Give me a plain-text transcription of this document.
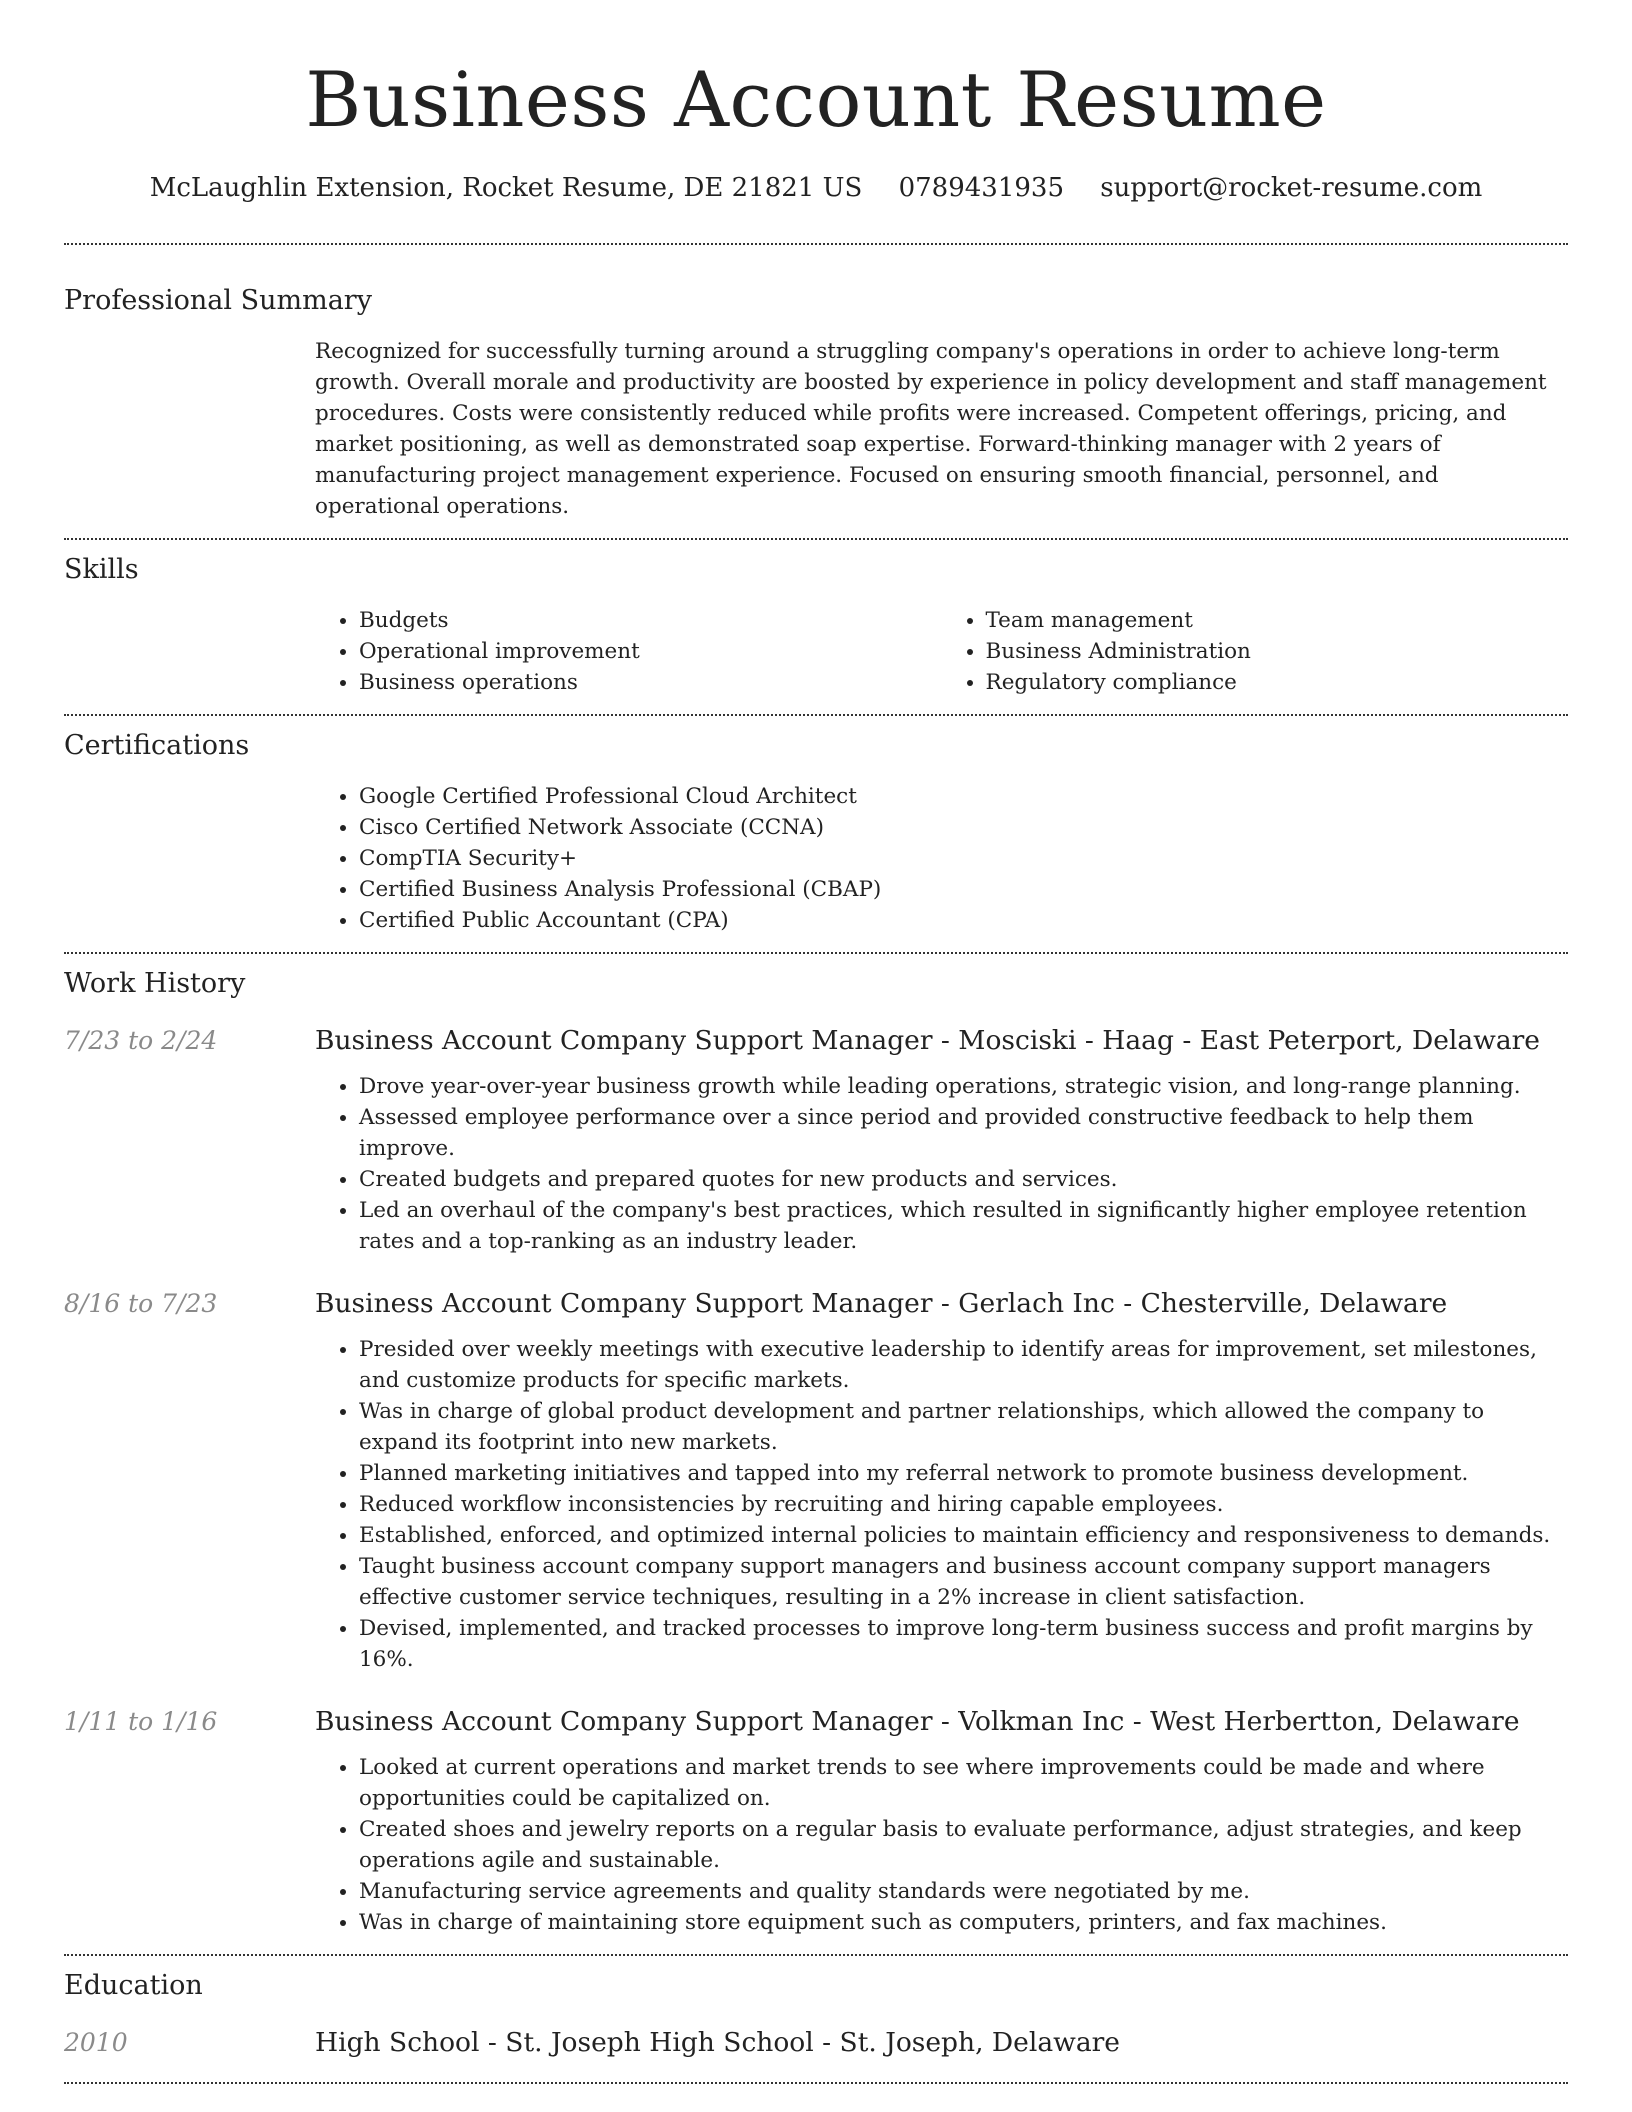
Business Account Resume
McLaughlin Extension, Rocket Resume, DE 21821 US 0789431935 support@rocket-resume.com
Professional Summary

Recognized for successfully turning around a struggling company's operations in order to achieve long-term growth. Overall morale and productivity are boosted by experience in policy development and staff management procedures. Costs were consistently reduced while profits were increased. Competent offerings, pricing, and market positioning, as well as demonstrated soap expertise. Forward-thinking manager with 2 years of manufacturing project management experience. Focused on ensuring smooth financial, personnel, and operational operations.

Skills
• Budgets
• Operational improvement
• Business operations
• Team management
• Business Administration
• Regulatory compliance
Certifications
• Google Certified Professional Cloud Architect
• Cisco Certified Network Associate (CCNA)
• CompTIA Security+
• Certified Business Analysis Professional (CBAP)
• Certified Public Accountant (CPA)
Work History
7/23 to 2/24	Business Account Company Support Manager - Mosciski - Haag - East Peterport, Delaware
• Drove year-over-year business growth while leading operations, strategic vision, and long-range planning.
• Assessed employee performance over a since period and provided constructive feedback to help them improve.
• Created budgets and prepared quotes for new products and services.
• Led an overhaul of the company's best practices, which resulted in significantly higher employee retention rates and a top-ranking as an industry leader.
8/16 to 7/23	Business Account Company Support Manager - Gerlach Inc - Chesterville, Delaware
• Presided over weekly meetings with executive leadership to identify areas for improvement, set milestones, and customize products for specific markets.
• Was in charge of global product development and partner relationships, which allowed the company to expand its footprint into new markets.
• Planned marketing initiatives and tapped into my referral network to promote business development.
• Reduced workflow inconsistencies by recruiting and hiring capable employees.
• Established, enforced, and optimized internal policies to maintain efficiency and responsiveness to demands.
• Taught business account company support managers and business account company support managers effective customer service techniques, resulting in a 2% increase in client satisfaction.
• Devised, implemented, and tracked processes to improve long-term business success and profit margins by 16%.
1/11 to 1/16	Business Account Company Support Manager - Volkman Inc - West Herbertton, Delaware
• Looked at current operations and market trends to see where improvements could be made and where opportunities could be capitalized on.
• Created shoes and jewelry reports on a regular basis to evaluate performance, adjust strategies, and keep operations agile and sustainable.
• Manufacturing service agreements and quality standards were negotiated by me.
• Was in charge of maintaining store equipment such as computers, printers, and fax machines.
Education
2010	High School - St. Joseph High School - St. Joseph, Delaware
